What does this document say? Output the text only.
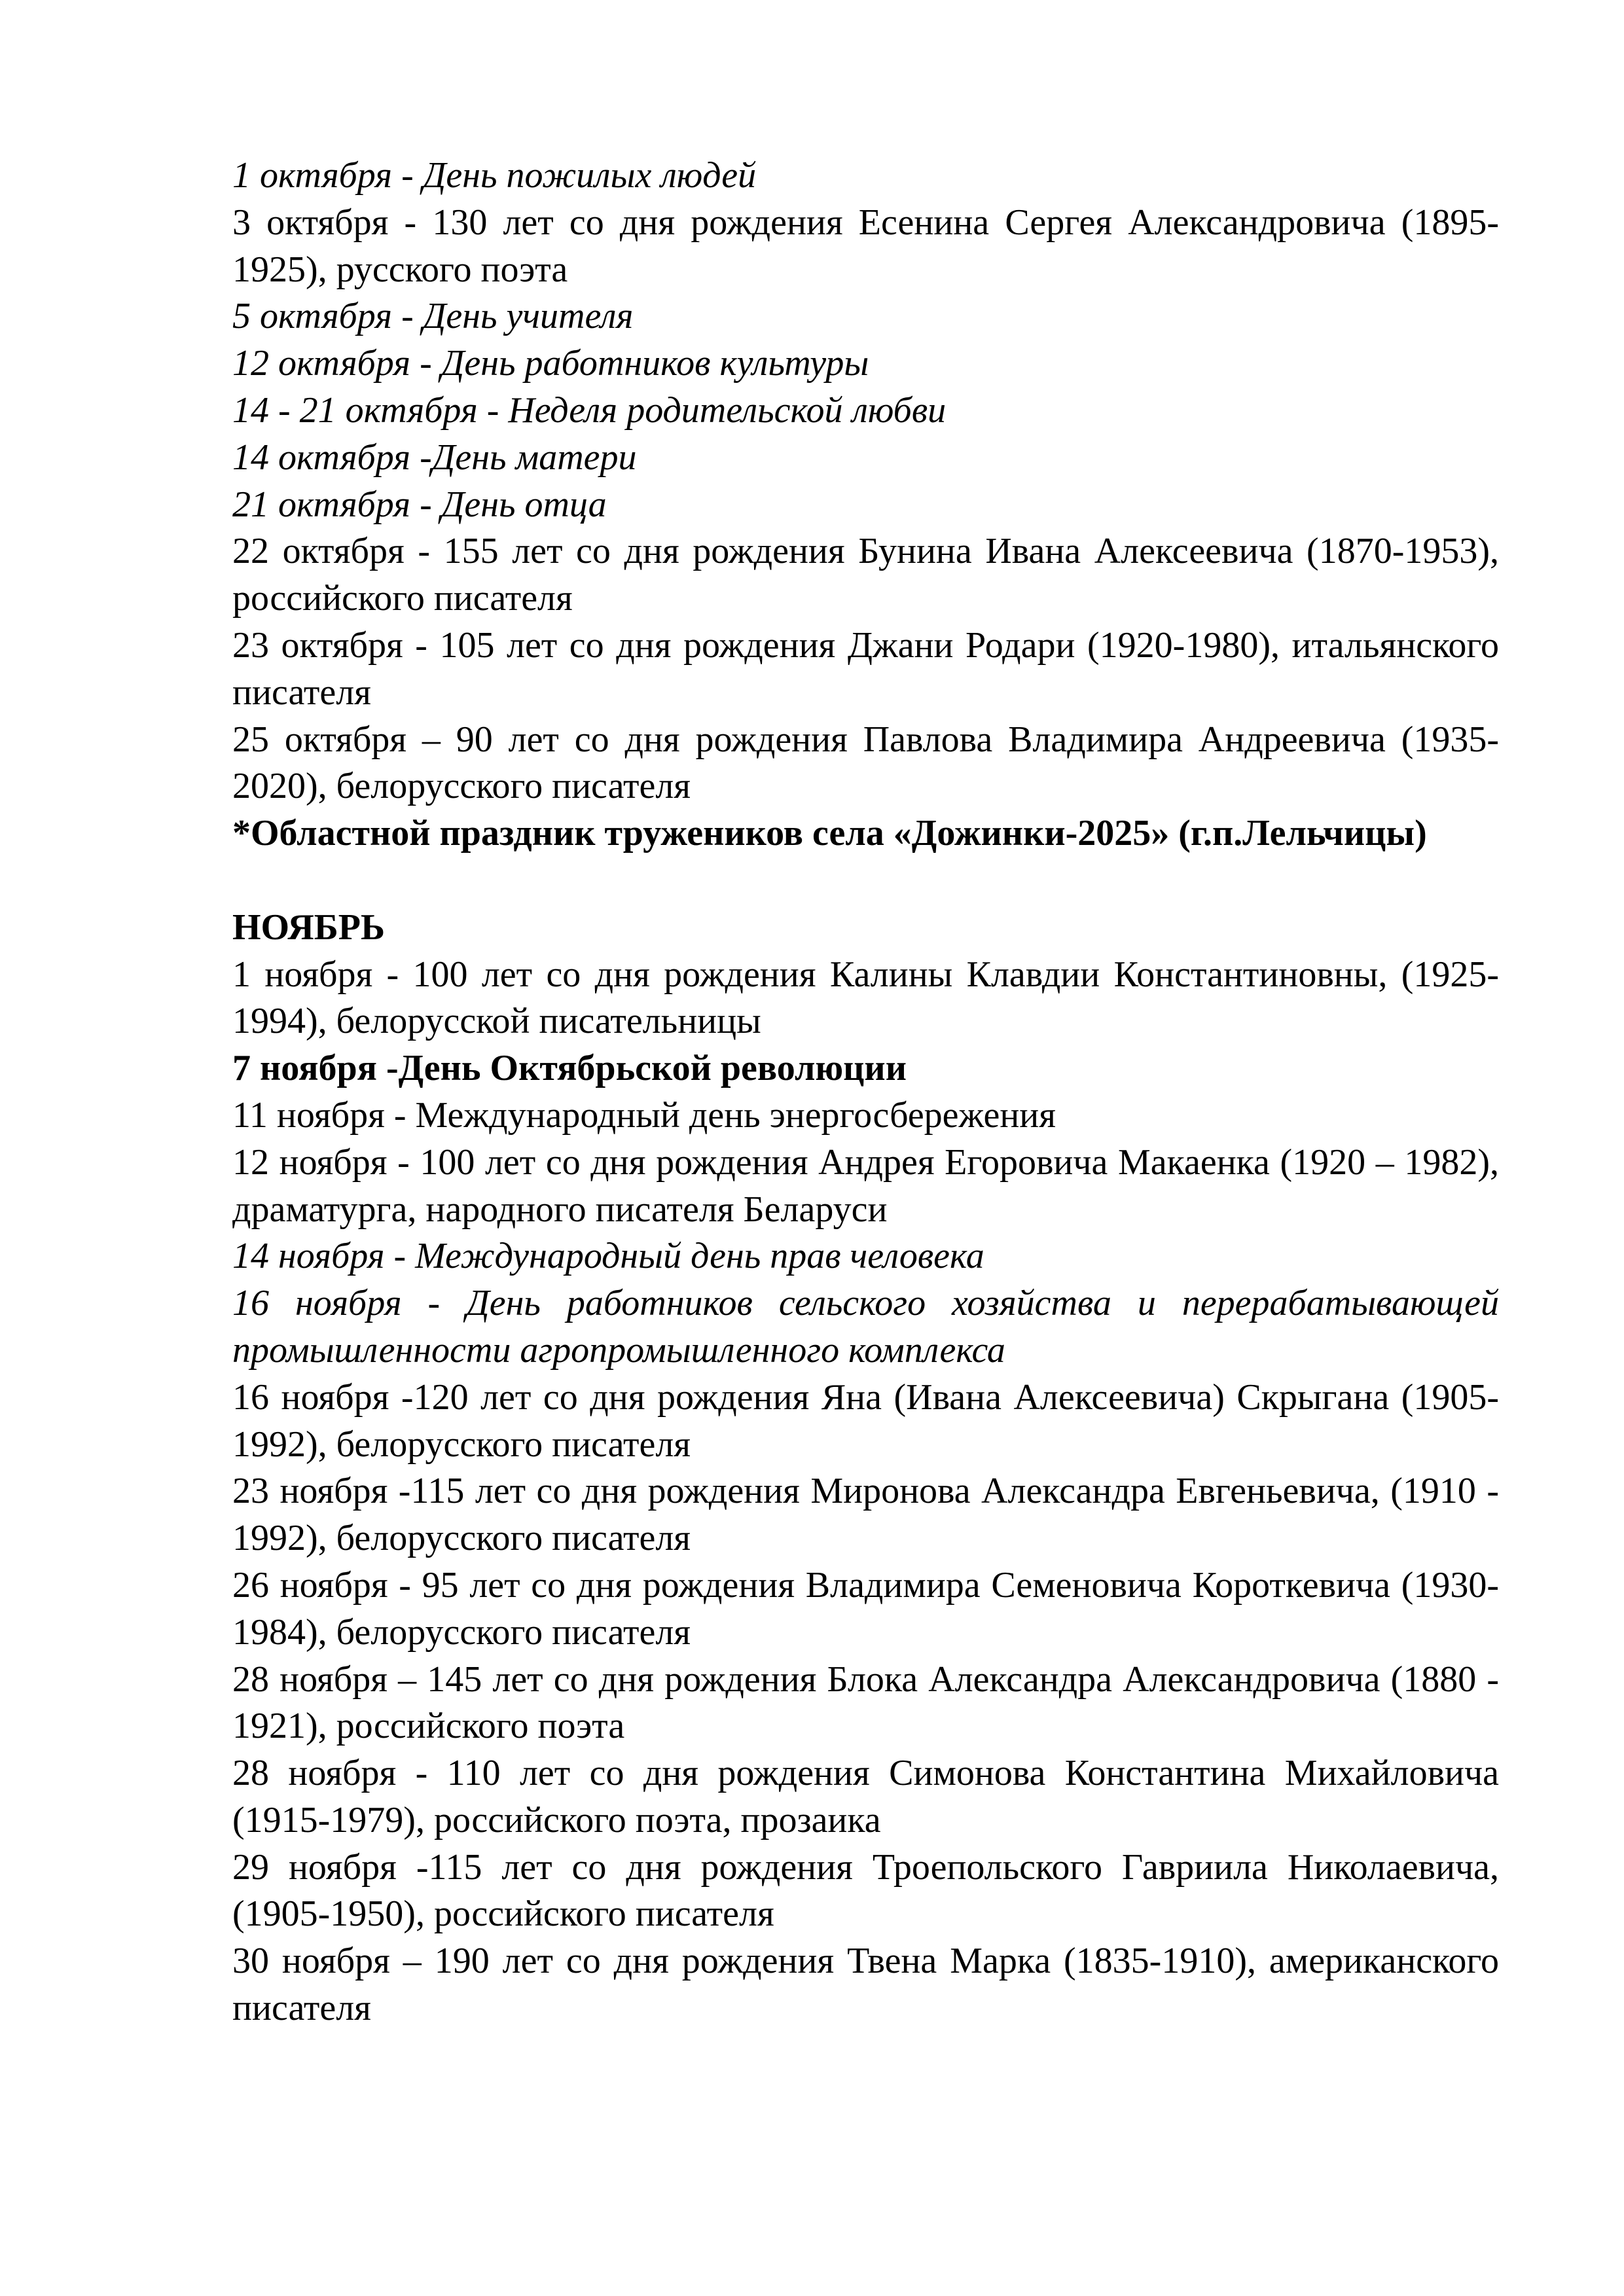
1 октября - День пожилых людей

3 октября - 130 лет со дня рождения Есенина Сергея Александровича (1895-1925), русского поэта

5 октября - День учителя

12 октября - День работников культуры

14 - 21 октября - Неделя родительской любви

14 октября -День матери

21 октября - День отца

22 октября - 155 лет со дня рождения Бунина Ивана Алексеевича (1870-1953), российского писателя

23 октября - 105 лет со дня рождения Джани Родари (1920-1980), итальянского писателя

25 октября – 90 лет со дня рождения Павлова Владимира Андреевича (1935-2020), белорусского писателя

*Областной праздник тружеников села «Дожинки-2025» (г.п.Лельчицы)

НОЯБРЬ

1 ноября - 100 лет со дня рождения Калины Клавдии Константиновны, (1925-1994), белорусской писательницы

7 ноября -День Октябрьской революции

11 ноября - Международный день энергосбережения

12 ноября - 100 лет со дня рождения Андрея Егоровича Макаенка (1920 – 1982), драматурга, народного писателя Беларуси

14 ноября - Международный день прав человека

16 ноября - День работников сельского хозяйства и перерабатывающей промышленности агропромышленного комплекса

16 ноября -120 лет со дня рождения Яна (Ивана Алексеевича) Скрыгана (1905-1992), белорусского писателя

23 ноября -115 лет со дня рождения Миронова Александра Евгеньевича, (1910 - 1992), белорусского писателя

26 ноября - 95 лет со дня рождения Владимира Семеновича Короткевича (1930-1984), белорусского писателя

28 ноября – 145 лет со дня рождения Блока Александра Александровича (1880 - 1921), российского поэта

28 ноября - 110 лет со дня рождения Симонова Константина Михайловича (1915-1979), российского поэта, прозаика

29 ноября -115 лет со дня рождения Троепольского Гавриила Николаевича, (1905-1950), российского писателя

30 ноября – 190 лет со дня рождения Твена Марка (1835-1910), американского писателя
